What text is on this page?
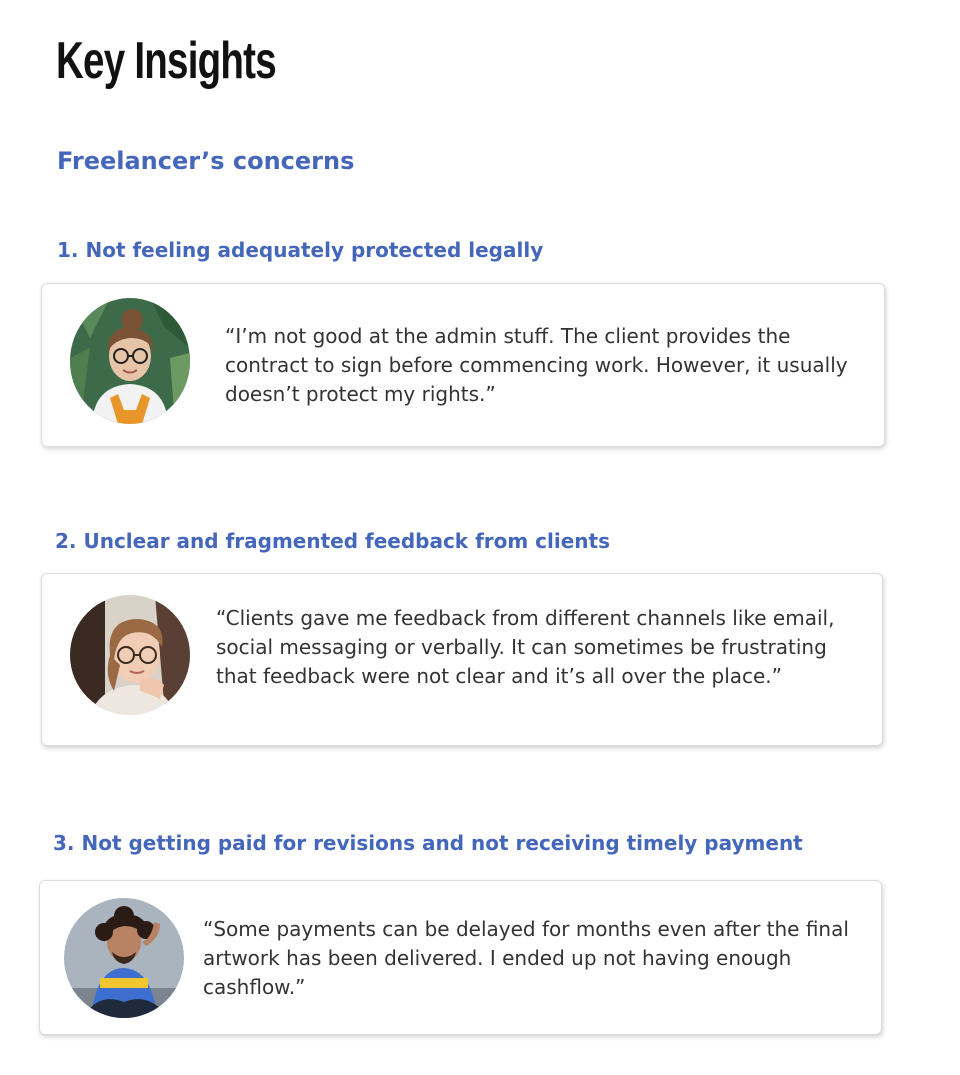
Key Insights
Freelancer’s concerns
1. Not feeling adequately protected legally

“I’m not good at the admin stuff. The client provides the contract to sign before commencing work. However, it usually doesn’t protect my rights.”

2. Unclear and fragmented feedback from clients

“Clients gave me feedback from different channels like email, social messaging or verbally. It can sometimes be frustrating that feedback were not clear and it’s all over the place.”

3. Not getting paid for revisions and not receiving timely payment

“Some payments can be delayed for months even after the final artwork has been delivered. I ended up not having enough cashflow.”
